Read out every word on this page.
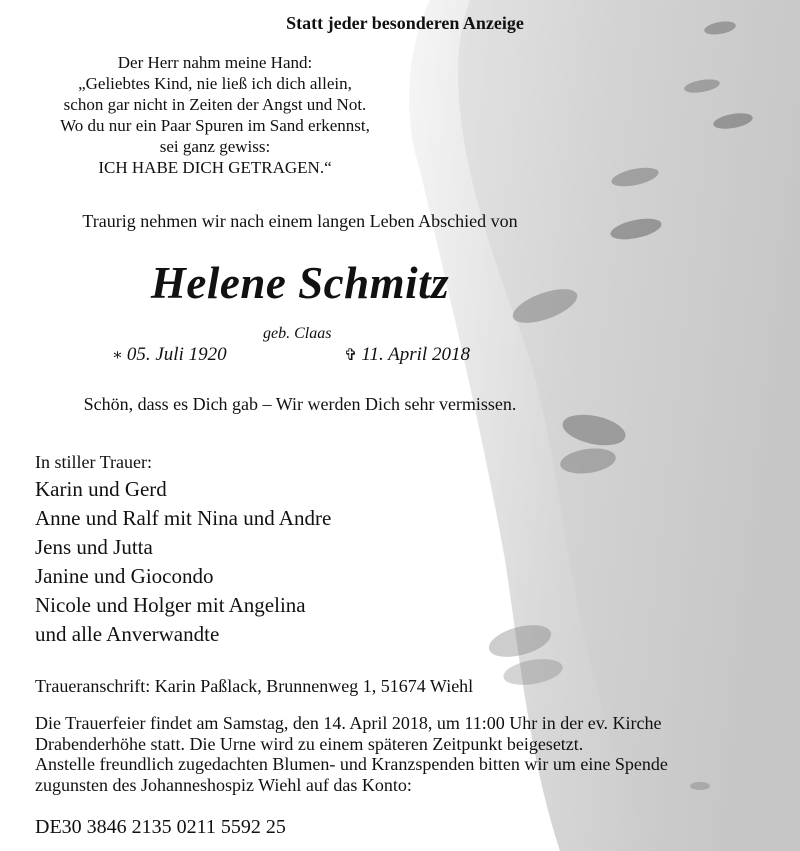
Statt jeder besonderen Anzeige
Der Herr nahm meine Hand:
„Geliebtes Kind, nie ließ ich dich allein,
schon gar nicht in Zeiten der Angst und Not.
Wo du nur ein Paar Spuren im Sand erkennst,
sei ganz gewiss:
ICH HABE DICH GETRAGEN.“
Traurig nehmen wir nach einem langen Leben Abschied von
Helene Schmitz
geb. Claas
∗ 05. Juli 1920	✞ 11. April 2018
Schön, dass es Dich gab – Wir werden Dich sehr vermissen.
In stiller Trauer:
Karin und Gerd
Anne und Ralf mit Nina und Andre
Jens und Jutta
Janine und Giocondo
Nicole und Holger mit Angelina
und alle Anverwandte
Traueranschrift: Karin Paßlack, Brunnenweg 1, 51674 Wiehl
Die Trauerfeier findet am Samstag, den 14. April 2018, um 11:00 Uhr in der ev. Kirche
Drabenderhöhe statt. Die Urne wird zu einem späteren Zeitpunkt beigesetzt.
Anstelle freundlich zugedachten Blumen- und Kranzspenden bitten wir um eine Spende
zugunsten des Johanneshospiz Wiehl auf das Konto:
DE30 3846 2135 0211 5592 25
